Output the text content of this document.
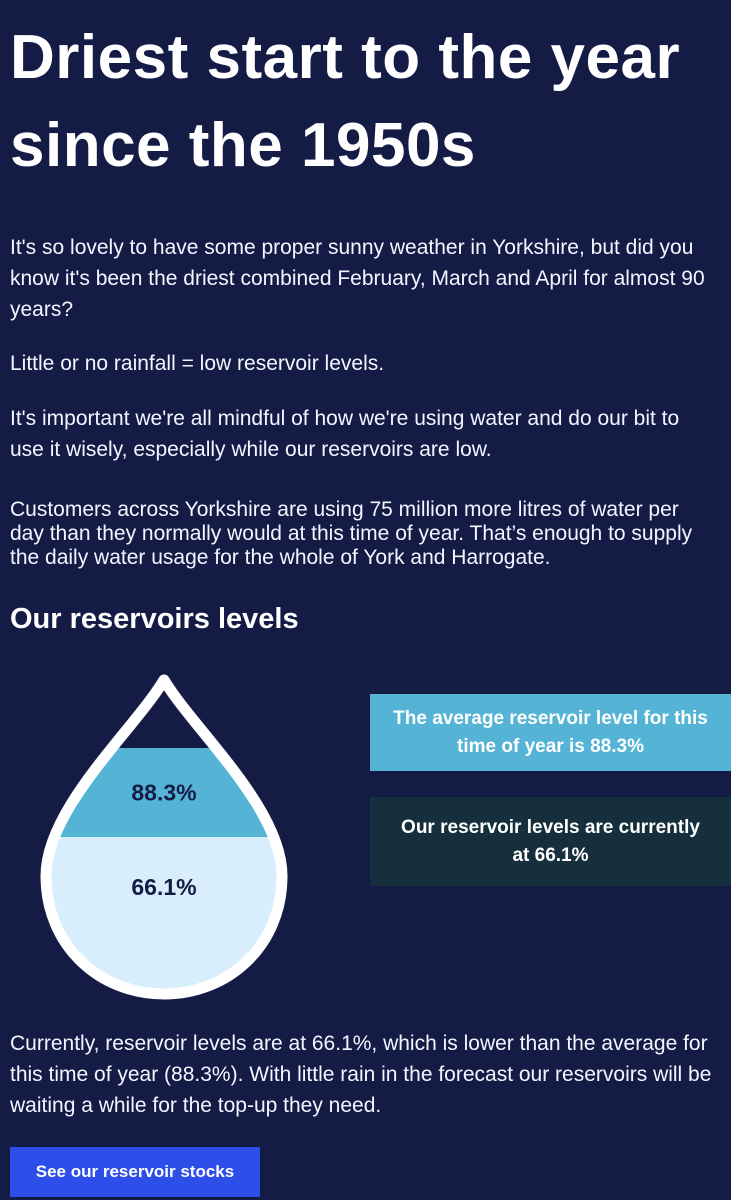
Driest start to the year since the 1950s

It's so lovely to have some proper sunny weather in Yorkshire, but did you know it's been the driest combined February, March and April for almost 90 years?

Little or no rainfall = low reservoir levels.

It's important we're all mindful of how we're using water and do our bit to use it wisely, especially while our reservoirs are low.

Customers across Yorkshire are using 75 million more litres of water per day than they normally would at this time of year. That’s enough to supply the daily water usage for the whole of York and Harrogate.

Our reservoirs levels
88.3%
66.1%
The average reservoir level for this time of year is 88.3%
Our reservoir levels are currently at 66.1%

Currently, reservoir levels are at 66.1%, which is lower than the average for this time of year (88.3%). With little rain in the forecast our reservoirs will be waiting a while for the top-up they need.

See our reservoir stocks
